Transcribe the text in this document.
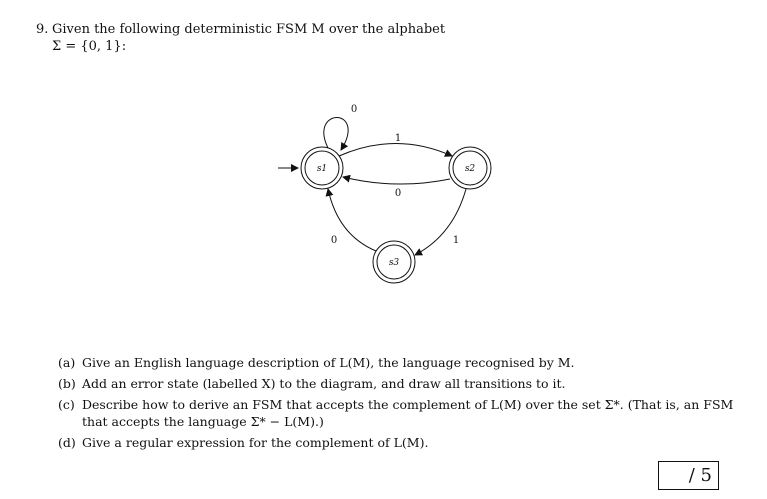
9. Given the following deterministic FSM M over the alphabet
Σ = {0, 1}:
s1	s2
s3
0
1
0
1
0
(a) Give an English language description of L(M), the language recognised by M.
(b) Add an error state (labelled X) to the diagram, and draw all transitions to it.
(c) Describe how to derive an FSM that accepts the complement of L(M) over the set Σ*. (That is, an FSM that accepts the language Σ* − L(M).)
(d) Give a regular expression for the complement of L(M).
/ 5
